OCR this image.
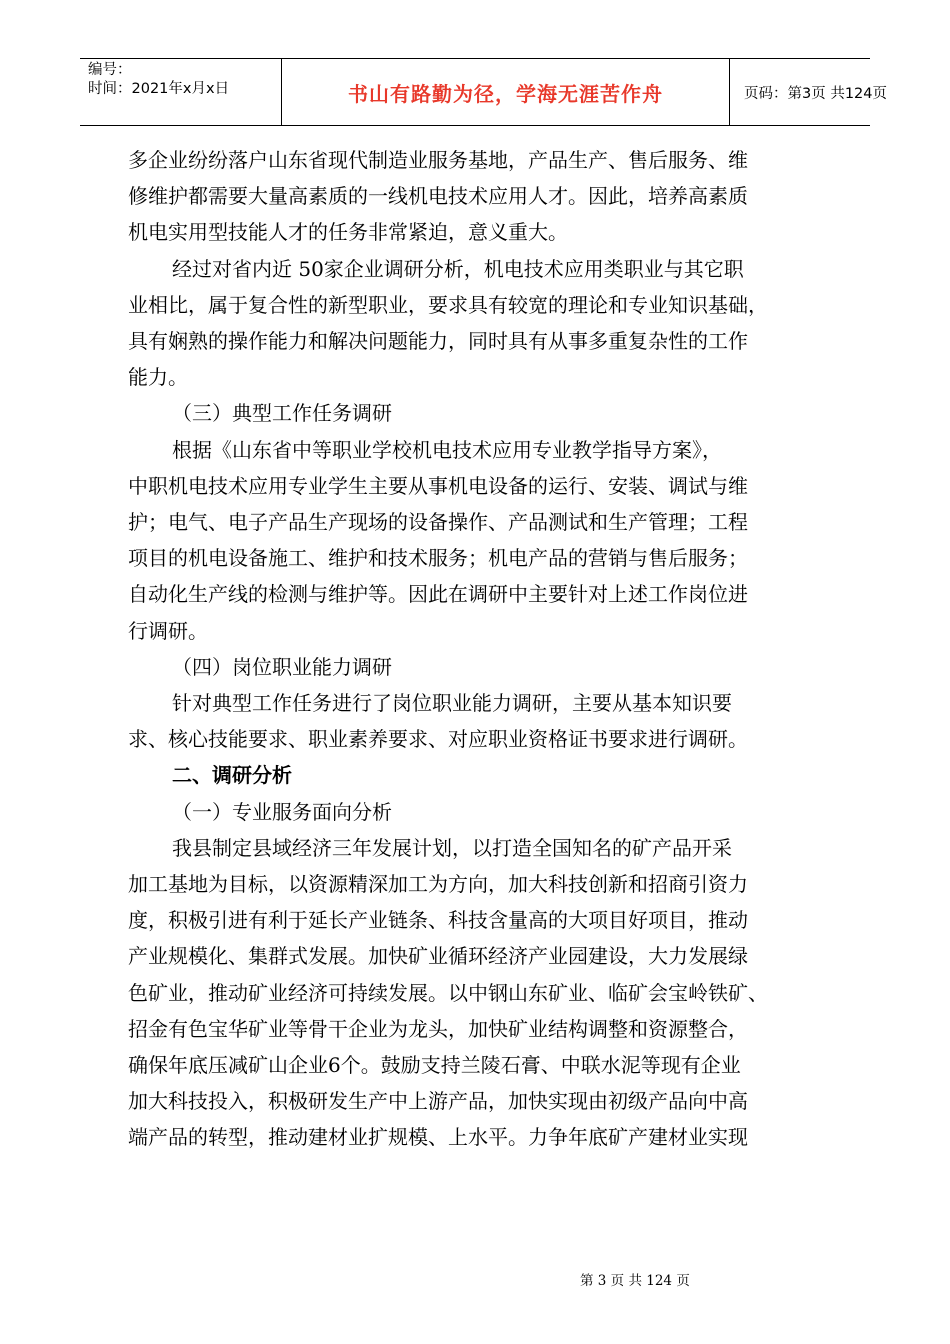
编号：
时间：2021年x月x日	书山有路勤为径，学海无涯苦作舟	页码：第3页 共124页

多企业纷纷落户山东省现代制造业服务基地，产品生产、售后服务、维

修维护都需要大量高素质的一线机电技术应用人才。因此，培养高素质

机电实用型技能人才的任务非常紧迫，意义重大。

经过对省内近 50家企业调研分析，机电技术应用类职业与其它职

业相比，属于复合性的新型职业，要求具有较宽的理论和专业知识基础，

具有娴熟的操作能力和解决问题能力，同时具有从事多重复杂性的工作

能力。

（三）典型工作任务调研

根据《山东省中等职业学校机电技术应用专业教学指导方案》，

中职机电技术应用专业学生主要从事机电设备的运行、安装、调试与维

护；电气、电子产品生产现场的设备操作、产品测试和生产管理；工程

项目的机电设备施工、维护和技术服务；机电产品的营销与售后服务；

自动化生产线的检测与维护等。因此在调研中主要针对上述工作岗位进

行调研。

（四）岗位职业能力调研

针对典型工作任务进行了岗位职业能力调研，主要从基本知识要

求、核心技能要求、职业素养要求、对应职业资格证书要求进行调研。

二、调研分析

（一）专业服务面向分析

我县制定县域经济三年发展计划，以打造全国知名的矿产品开采

加工基地为目标，以资源精深加工为方向，加大科技创新和招商引资力

度，积极引进有利于延长产业链条、科技含量高的大项目好项目，推动

产业规模化、集群式发展。加快矿业循环经济产业园建设，大力发展绿

色矿业，推动矿业经济可持续发展。以中钢山东矿业、临矿会宝岭铁矿、

招金有色宝华矿业等骨干企业为龙头，加快矿业结构调整和资源整合，

确保年底压减矿山企业6个。鼓励支持兰陵石膏、中联水泥等现有企业

加大科技投入，积极研发生产中上游产品，加快实现由初级产品向中高

端产品的转型，推动建材业扩规模、上水平。力争年底矿产建材业实现

第 3 页 共 124 页
